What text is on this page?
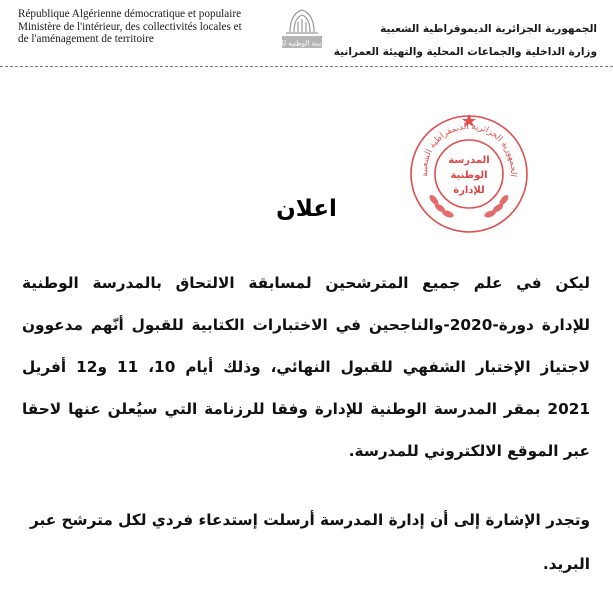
République Algérienne démocratique et populaire
Ministère de l'intérieur, des collectivités locales et
de l'aménagement de territoire	المدرسة الوطنية للإدارة
الجمهورية الجزائرية الديموقراطية الشعبية
وزارة الداخلية والجماعات المحلية والتهيئة العمرانية
الجمهورية الجزائرية الديمقراطية الشعبية
المدرسة
الوطنية
للإدارة
اعلان
ليكن في علم جميع المترشحين لمسابقة الالتحاق بالمدرسة الوطنية
للإدارة دورة-2020-والناجحين في الاختبارات الكتابية للقبول أنّهم مدعوون
لاجتياز الإختبار الشفهي للقبول النهائي، وذلك أيام 10، 11 و12 أفريل
2021 بمقر المدرسة الوطنية للإدارة وفقا للرزنامة التي سيُعلن عنها لاحقا
عبر الموقع الالكتروني للمدرسة.
وتجدر الإشارة إلى أن إدارة المدرسة أرسلت إستدعاء فردي لكل مترشح عبر
البريد.
